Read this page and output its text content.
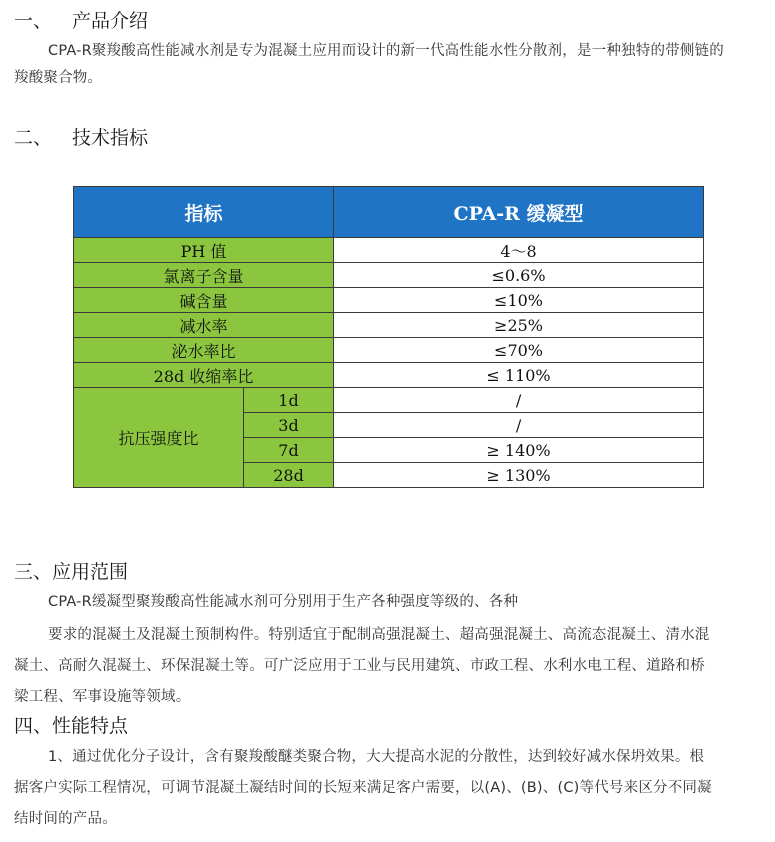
一、 产品介绍
CPA-R聚羧酸高性能减水剂是专为混凝土应用而设计的新一代高性能水性分散剂，是一种独特的带侧链的
羧酸聚合物。
二、 技术指标
指标		CPA-R 缓凝型
PH 值		4～8
氯离子含量		≤0.6%
碱含量		≤10%
减水率		≥25%
泌水率比		≤70%
28d 收缩率比		≤ 110%
抗压强度比	1d	/
	3d	/
	7d	≥ 140%
	28d	≥ 130%
三、应用范围
CPA-R缓凝型聚羧酸高性能减水剂可分别用于生产各种强度等级的、各种
要求的混凝土及混凝土预制构件。特别适宜于配制高强混凝土、超高强混凝土、高流态混凝土、清水混
凝土、高耐久混凝土、环保混凝土等。可广泛应用于工业与民用建筑、市政工程、水利水电工程、道路和桥
梁工程、军事设施等领域。
四、性能特点
1、通过优化分子设计，含有聚羧酸醚类聚合物，大大提高水泥的分散性，达到较好减水保坍效果。根
据客户实际工程情况，可调节混凝土凝结时间的长短来满足客户需要，以(A)、(B)、(C)等代号来区分不同凝
结时间的产品。
